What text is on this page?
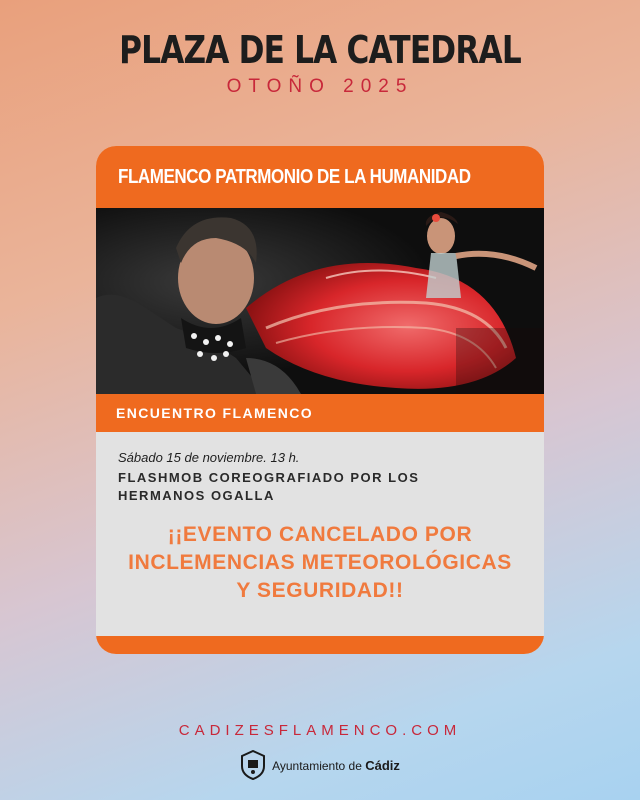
PLAZA DE LA CATEDRAL
OTOÑO 2025
FLAMENCO PATRMONIO DE LA HUMANIDAD
ENCUENTRO FLAMENCO
Sábado 15 de noviembre. 13 h.
FLASHMOB COREOGRAFIADO POR LOS
HERMANOS OGALLA
¡¡EVENTO CANCELADO POR
INCLEMENCIAS METEOROLÓGICAS
Y SEGURIDAD!!
CADIZESFLAMENCO.COM
Ayuntamiento de Cádiz
